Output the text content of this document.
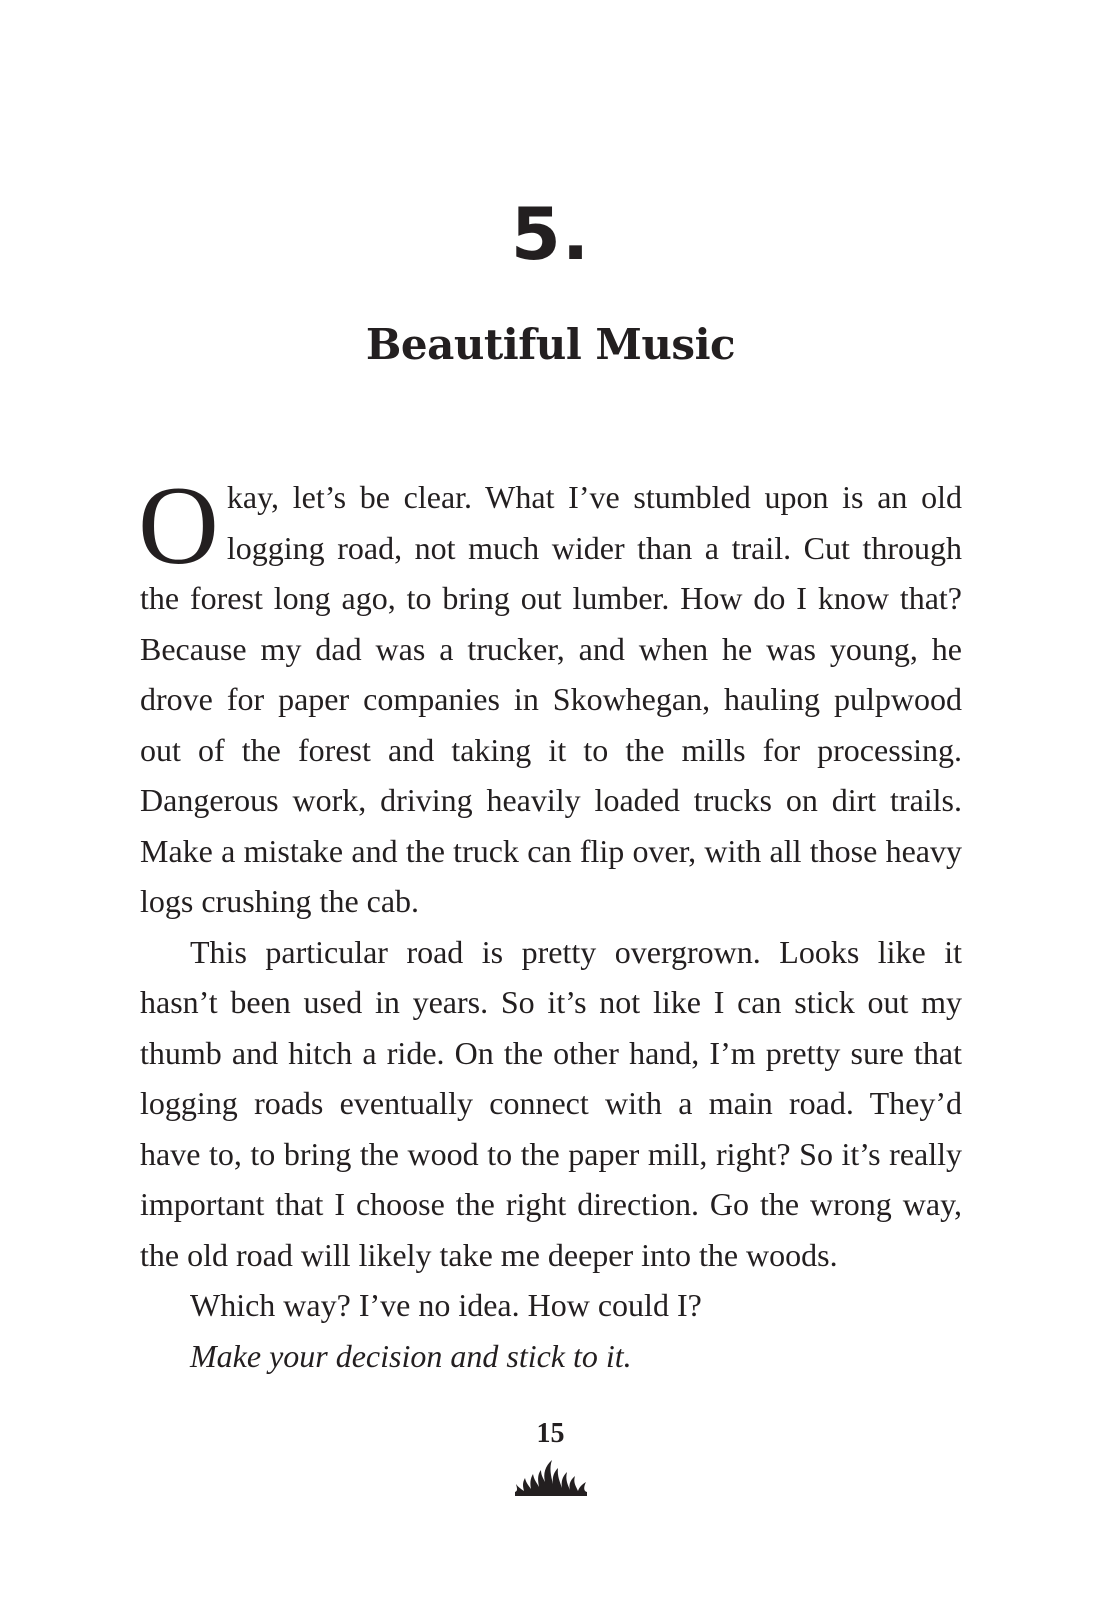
5.
Beautiful Music

Okay, let’s be clear. What I’ve stumbled upon is an old logging road, not much wider than a trail. Cut through the forest long ago, to bring out lumber. How do I know that? Because my dad was a trucker, and when he was young, he drove for paper companies in Skowhegan, hauling pulpwood out of the forest and taking it to the mills for processing. Dangerous work, driving heavily loaded trucks on dirt trails. Make a mistake and the truck can flip over, with all those heavy logs crushing the cab.

This particular road is pretty overgrown. Looks like it hasn’t been used in years. So it’s not like I can stick out my thumb and hitch a ride. On the other hand, I’m pretty sure that logging roads eventually connect with a main road. They’d have to, to bring the wood to the paper mill, right? So it’s really important that I choose the right direction. Go the wrong way, the old road will likely take me deeper into the woods.

Which way? I’ve no idea. How could I?

Make your decision and stick to it.

15
